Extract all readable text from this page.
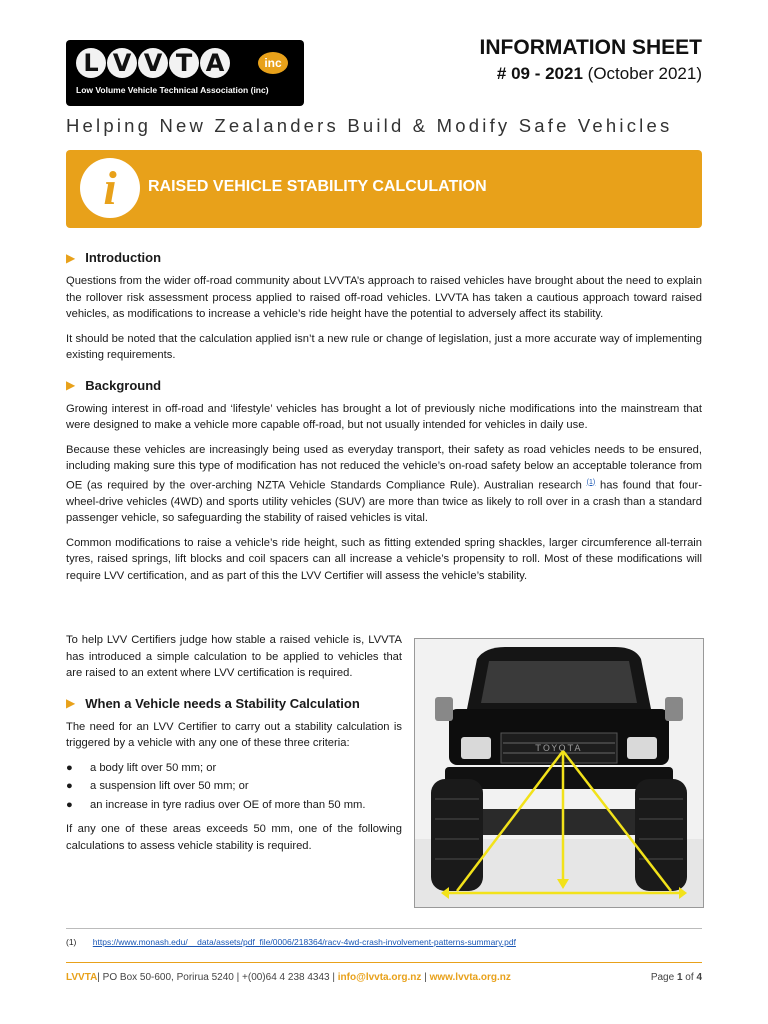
L V V T A	inc
Low Volume Vehicle Technical Association (inc)
INFORMATION SHEET
# 09 - 2021 (October 2021)
Helping New Zealanders Build & Modify Safe Vehicles
i	RAISED VEHICLE STABILITY CALCULATION
▶ Introduction

Questions from the wider off-road community about LVVTA’s approach to raised vehicles have brought about the need to explain the rollover risk assessment process applied to raised off-road vehicles. LVVTA has taken a cautious approach toward raised vehicles, as modifications to increase a vehicle’s ride height have the potential to adversely affect its stability.

It should be noted that the calculation applied isn’t a new rule or change of legislation, just a more accurate way of implementing existing requirements.

▶ Background

Growing interest in off-road and ‘lifestyle’ vehicles has brought a lot of previously niche modifications into the mainstream that were designed to make a vehicle more capable off-road, but not usually intended for vehicles in daily use.

Because these vehicles are increasingly being used as everyday transport, their safety as road vehicles needs to be ensured, including making sure this type of modification has not reduced the vehicle’s on-road safety below an acceptable tolerance from OE (as required by the over-arching NZTA Vehicle Standards Compliance Rule). Australian research $^{(1)}$ has found that four-wheel-drive vehicles (4WD) and sports utility vehicles (SUV) are more than twice as likely to roll over in a crash than a standard passenger vehicle, so safeguarding the stability of raised vehicles is vital.

Common modifications to raise a vehicle’s ride height, such as fitting extended spring shackles, larger circumference all-terrain tyres, raised springs, lift blocks and coil spacers can all increase a vehicle’s propensity to roll. Most of these modifications will require LVV certification, and as part of this the LVV Certifier will assess the vehicle’s stability.

To help LVV Certifiers judge how stable a raised vehicle is, LVVTA has introduced a simple calculation to be applied to vehicles that are raised to an extent where LVV certification is required.

▶ When a Vehicle needs a Stability Calculation

The need for an LVV Certifier to carry out a stability calculation is triggered by a vehicle with any one of these three criteria:

●	a body lift over 50 mm; or
●	a suspension lift over 50 mm; or
●	an increase in tyre radius over OE of more than 50 mm.

If any one of these areas exceeds 50 mm, one of the following calculations to assess vehicle stability is required.

TOYOTA
(1) https://www.monash.edu/__data/assets/pdf_file/0006/218364/racv-4wd-crash-involvement-patterns-summary.pdf
LVVTA| PO Box 50-600, Porirua 5240 | +(00)64 4 238 4343 | info@lvvta.org.nz | www.lvvta.org.nz	Page 1 of 4
